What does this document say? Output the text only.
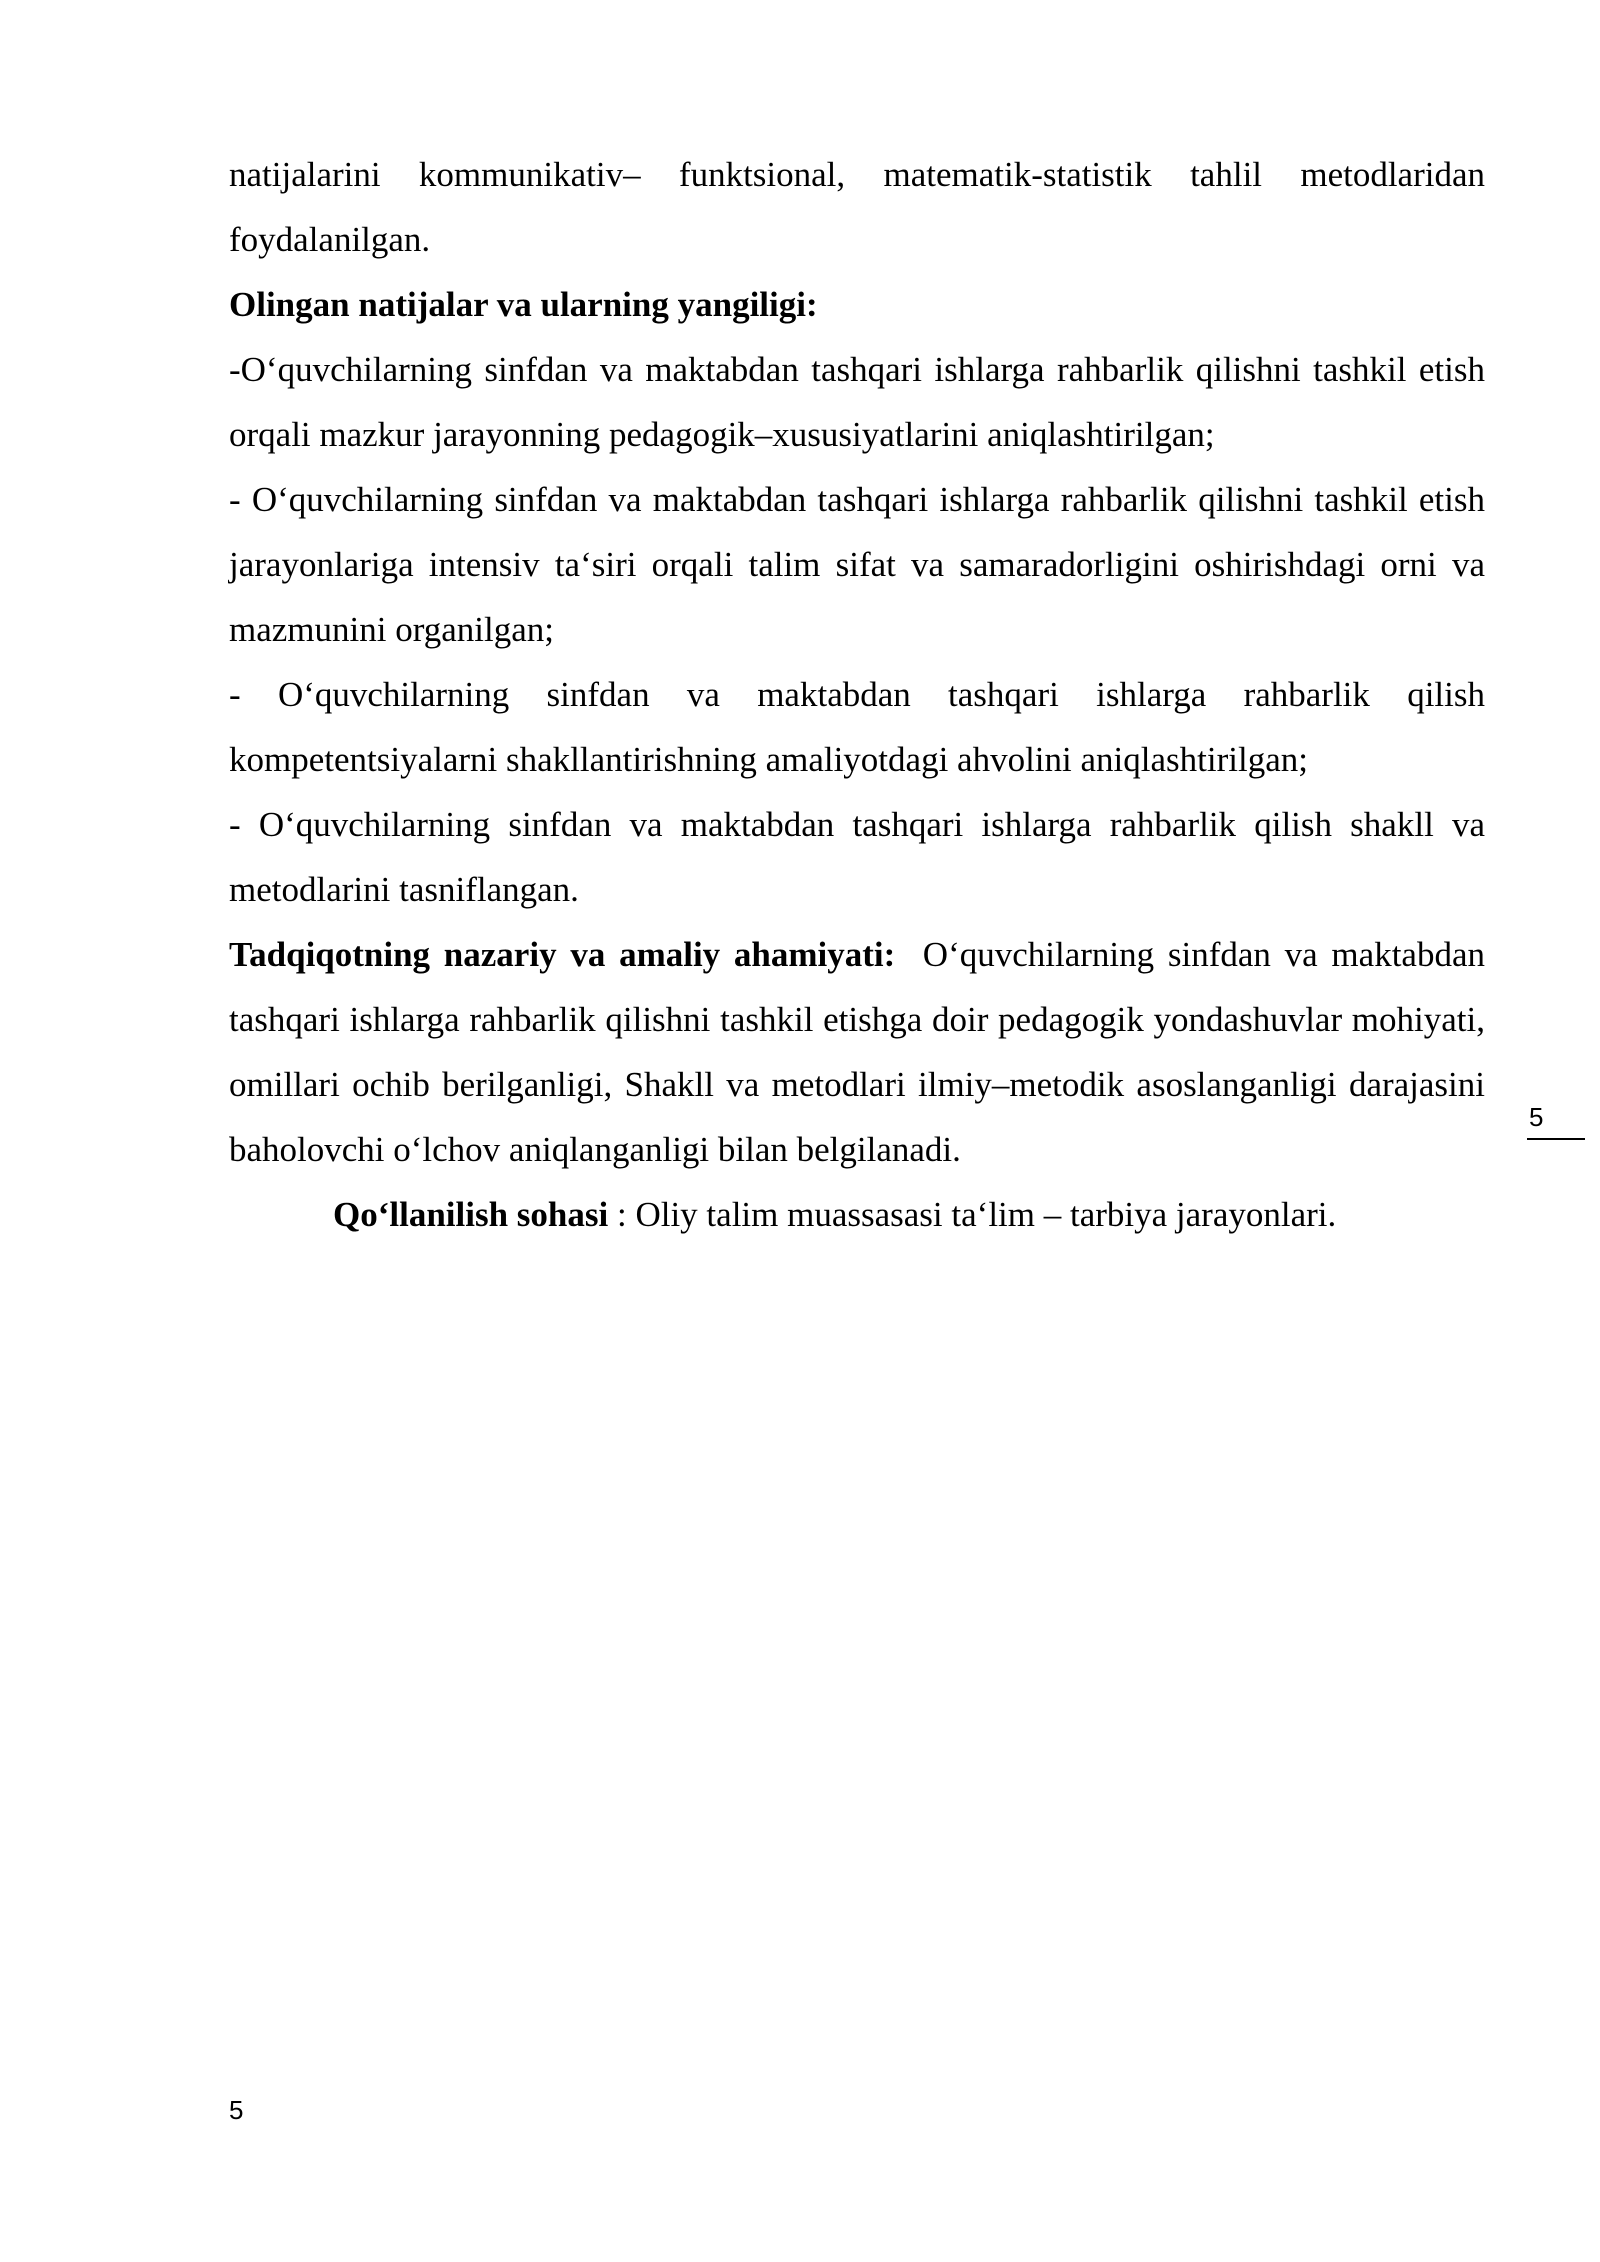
natijalarini kommunikativ– funktsional, matematik-statistik tahlil metodlaridan foydalanilgan.

Olingan natijalar va ularning yangiligi:

-O‘quvchilarning sinfdan va maktabdan tashqari ishlarga rahbarlik qilishni tashkil etish orqali mazkur jarayonning pedagogik–xususiyatlarini aniqlashtirilgan;

- O‘quvchilarning sinfdan va maktabdan tashqari ishlarga rahbarlik qilishni tashkil etish jarayonlariga intensiv ta‘siri orqali talim sifat va samaradorligini oshirishdagi orni va mazmunini organilgan;

- O‘quvchilarning sinfdan va maktabdan tashqari ishlarga rahbarlik qilish kompetentsiyalarni shakllantirishning amaliyotdagi ahvolini aniqlashtirilgan;

- O‘quvchilarning sinfdan va maktabdan tashqari ishlarga rahbarlik qilish shakll va metodlarini tasniflangan.

Tadqiqotning nazariy va amaliy ahamiyati:  O‘quvchilarning sinfdan va maktabdan tashqari ishlarga rahbarlik qilishni tashkil etishga doir pedagogik yondashuvlar mohiyati, omillari ochib berilganligi, Shakll va metodlari ilmiy–metodik asoslanganligi darajasini baholovchi o‘lchov aniqlanganligi bilan belgilanadi.

Qo‘llanilish sohasi : Oliy talim muassasasi ta‘lim – tarbiya jarayonlari.

5
5
